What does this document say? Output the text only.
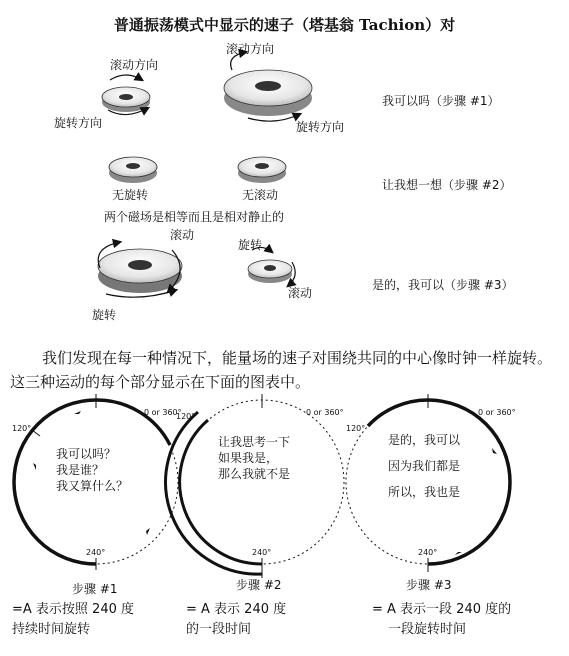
普通振荡模式中显示的速子（塔基翁 Tachion）对
滚动方向
旋转方向
滚动方向
旋转方向
我可以吗（步骤 #1）
无旋转	无滚动
让我想一想（步骤 #2）
两个磁场是相等而且是相对静止的
滚动
旋转
旋转
滚动
是的，我可以（步骤 #3）
我们发现在每一种情况下，能量场的速子对围绕共同的中心像时钟一样旋转。这三种运动的每个部分显示在下面的图表中。
0 or 360°
120°
240°
我可以吗？
我是谁？
我又算什么？
步骤 #1
=A 表示按照 240 度
持续时间旋转
0 or 360°
120°
240°
让我思考一下
如果我是，
那么我就不是
步骤 #2
= A 表示 240 度
的一段时间
0 or 360°
120°
240°
是的，我可以
因为我们都是
所以，我也是
步骤 #3
= A 表示一段 240 度的
一段旋转时间
